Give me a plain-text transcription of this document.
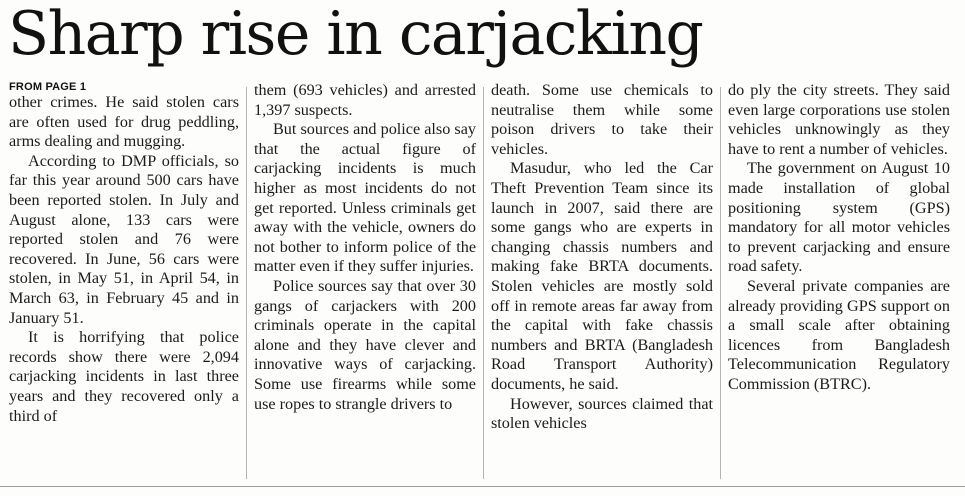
Sharp rise in carjacking
FROM PAGE 1

other crimes. He said stolen cars are often used for drug peddling, arms dealing and mugging.

According to DMP officials, so far this year around 500 cars have been reported stolen. In July and August alone, 133 cars were reported stolen and 76 were recovered. In June, 56 cars were stolen, in May 51, in April 54, in March 63, in February 45 and in January 51.

It is horrifying that police records show there were 2,094 carjacking incidents in last three years and they recovered only a third of

them (693 vehicles) and arrested 1,397 suspects.

But sources and police also say that the actual figure of carjacking incidents is much higher as most incidents do not get reported. Unless criminals get away with the vehicle, owners do not bother to inform police of the matter even if they suffer injuries.

Police sources say that over 30 gangs of carjackers with 200 criminals operate in the capital alone and they have clever and innovative ways of carjacking. Some use firearms while some use ropes to strangle drivers to

death. Some use chemicals to neutralise them while some poison drivers to take their vehicles.

Masudur, who led the Car Theft Prevention Team since its launch in 2007, said there are some gangs who are experts in changing chassis numbers and making fake BRTA documents. Stolen vehicles are mostly sold off in remote areas far away from the capital with fake chassis numbers and BRTA (Bangladesh Road Transport Authority) documents, he said.

However, sources claimed that stolen vehicles

do ply the city streets. They said even large corporations use stolen vehicles unknowingly as they have to rent a number of vehicles.

The government on August 10 made installation of global positioning system (GPS) mandatory for all motor vehicles to prevent carjacking and ensure road safety.

Several private companies are already providing GPS support on a small scale after obtaining licences from Bangladesh Telecommunication Regulatory Commission (BTRC).
